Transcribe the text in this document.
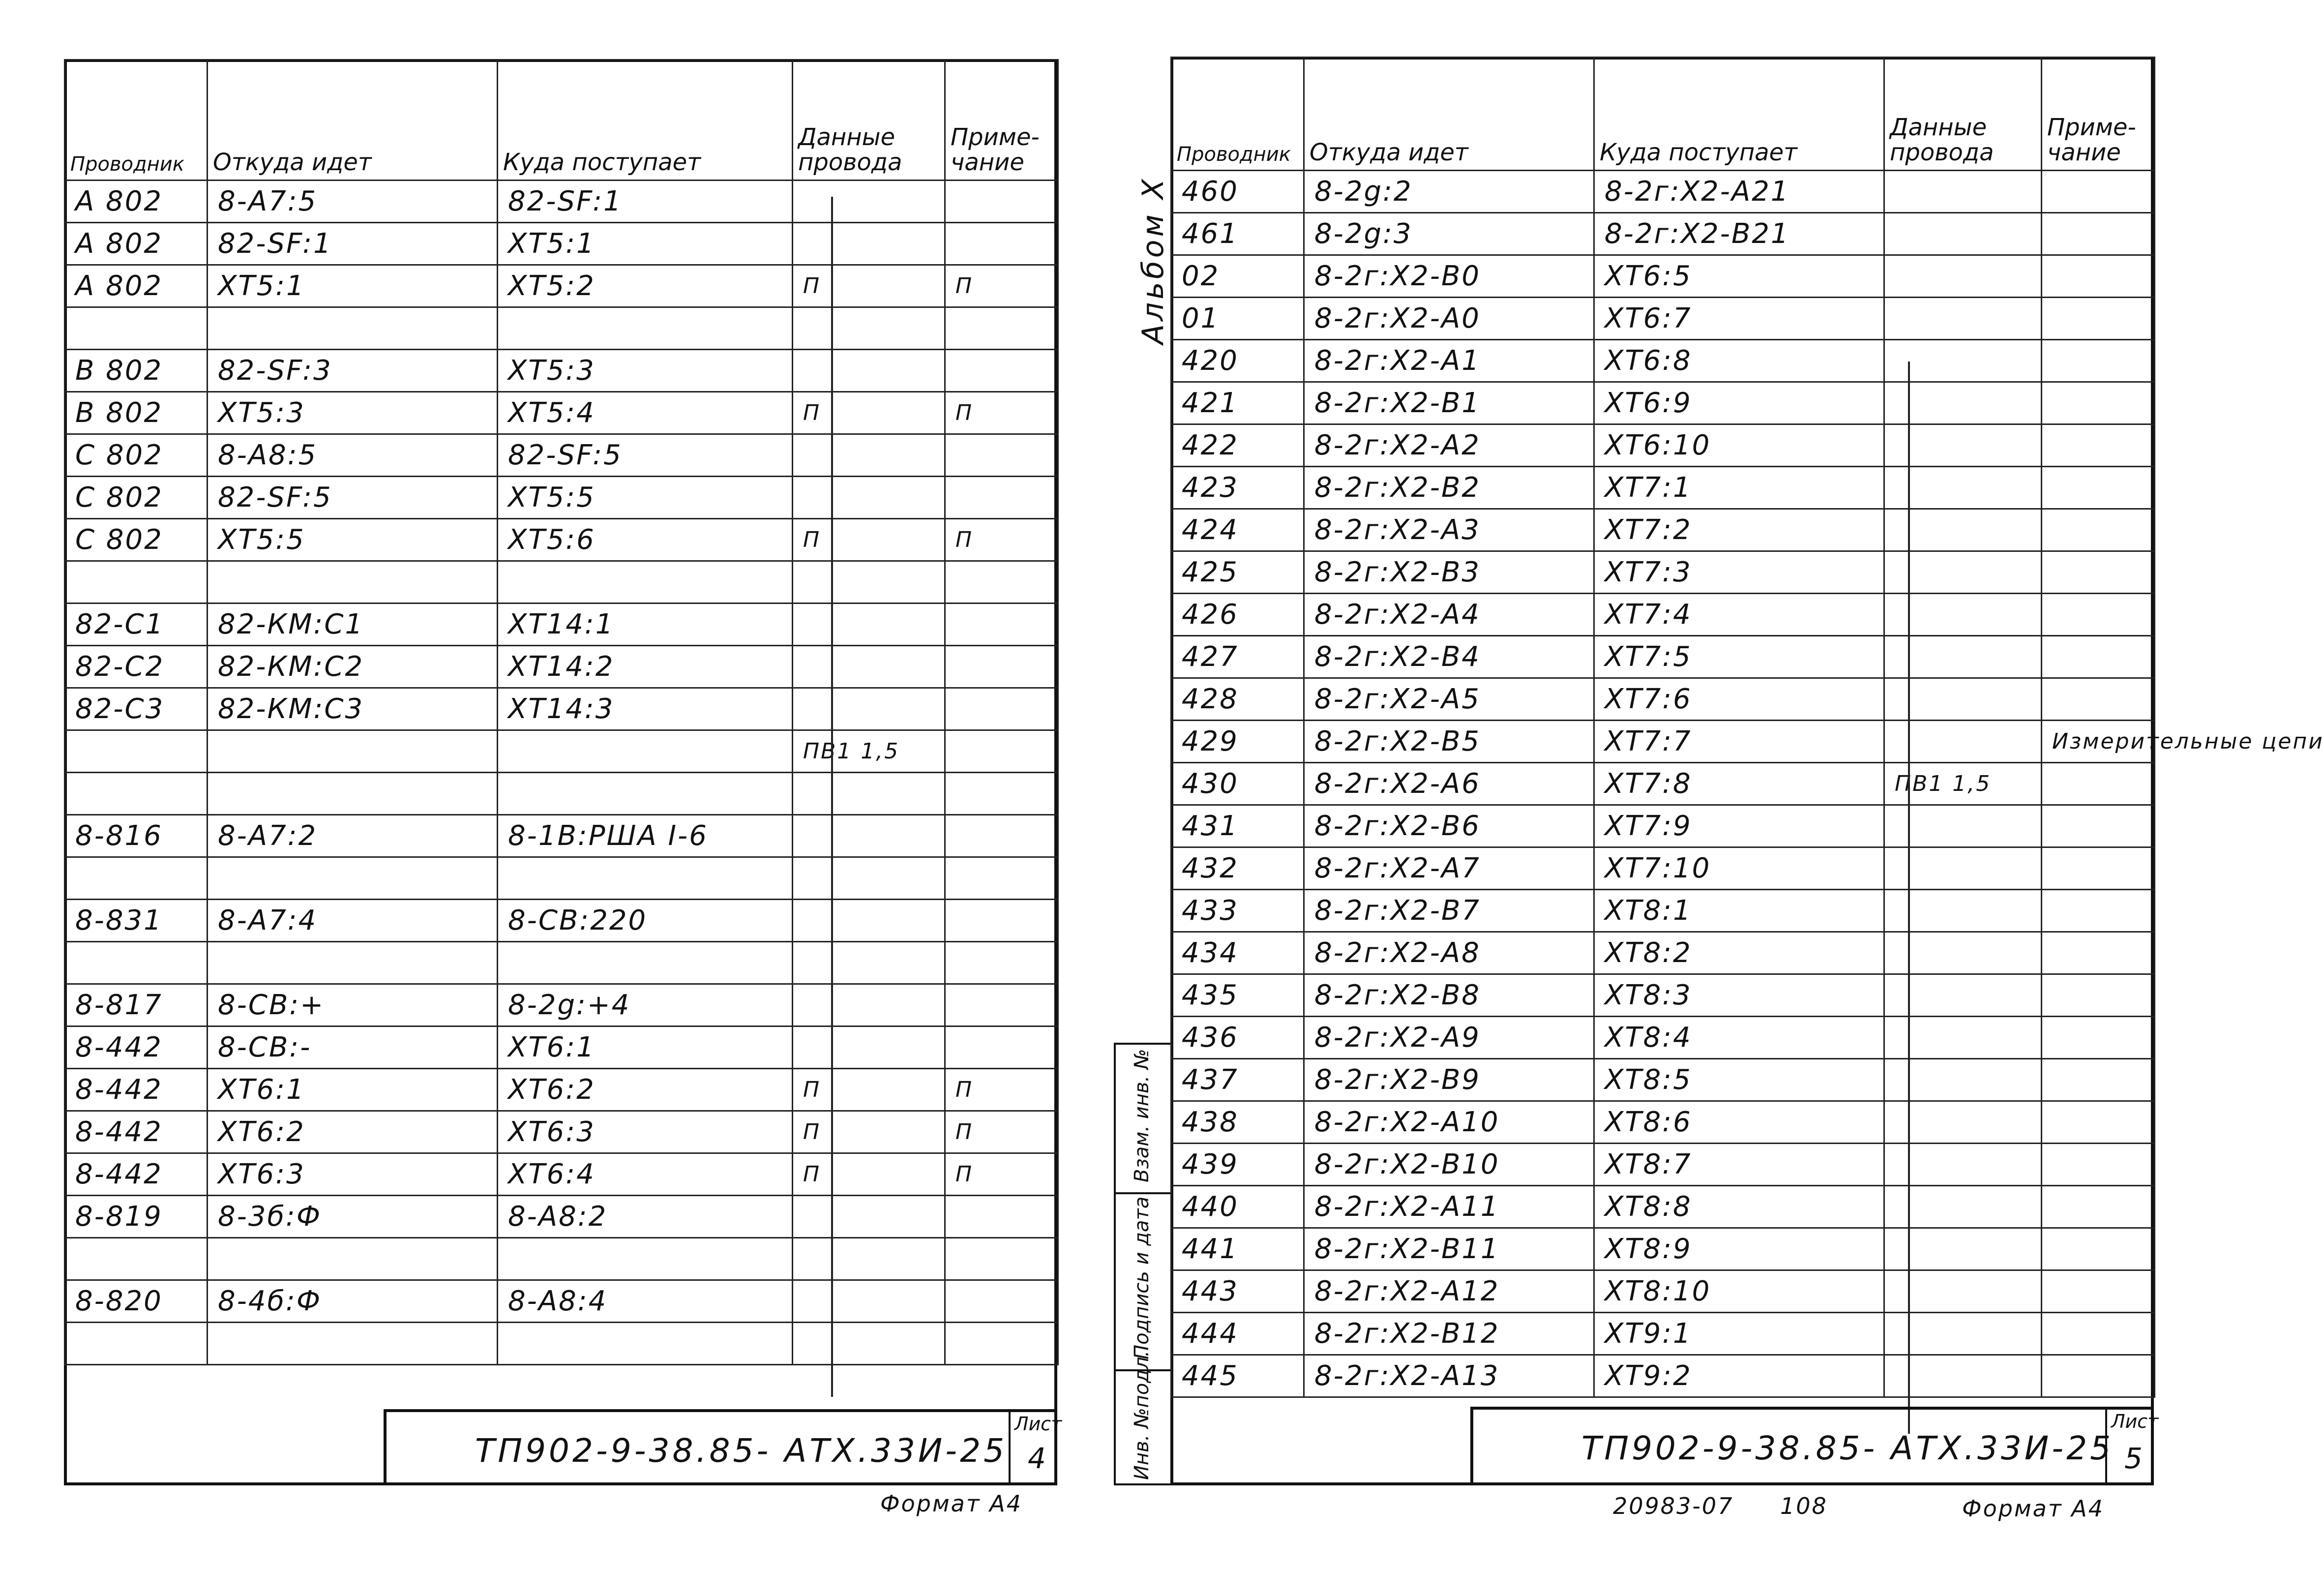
Проводник	Откуда идет	Куда поступает	Данные провода	Приме- чание
А 802	8-А7:5	82-SF:1		
А 802	82-SF:1	XT5:1		
А 802	XT5:1	XT5:2	П	П

В 802	82-SF:3	XT5:3		
В 802	XT5:3	XT5:4	П	П
С 802	8-А8:5	82-SF:5		
С 802	82-SF:5	XT5:5		
С 802	XT5:5	XT5:6	П	П

82-С1	82-КМ:С1	XT14:1		
82-С2	82-КМ:С2	XT14:2		
82-С3	82-КМ:С3	XT14:3		
			ПВ1 1,5	

8-816	8-А7:2	8-1В:РША I-6		

8-831	8-А7:4	8-СВ:220		

8-817	8-СВ:+	8-2g:+4		
8-442	8-СВ:-	XT6:1		
8-442	XT6:1	XT6:2	П	П
8-442	XT6:2	XT6:3	П	П
8-442	XT6:3	XT6:4	П	П
8-819	8-3б:Ф	8-А8:2		

8-820	8-4б:Ф	8-А8:4		

ТП902-9-38.85- АТХ.33И-25
Лист
4
Формат А4
Альбом X
Взам. инв. №
Подпись и дата
Инв. №подл.
Проводник	Откуда идет	Куда поступает	Данные провода	Приме- чание
460	8-2g:2	8-2г:Х2-А21		
461	8-2g:3	8-2г:Х2-В21		
02	8-2г:Х2-В0	XT6:5		
01	8-2г:Х2-А0	XT6:7		
420	8-2г:Х2-А1	XT6:8		
421	8-2г:Х2-В1	XT6:9		
422	8-2г:Х2-А2	XT6:10		
423	8-2г:Х2-В2	XT7:1		
424	8-2г:Х2-А3	XT7:2		
425	8-2г:Х2-В3	XT7:3		
426	8-2г:Х2-А4	XT7:4		
427	8-2г:Х2-В4	XT7:5		
428	8-2г:Х2-А5	XT7:6		
429	8-2г:Х2-В5	XT7:7		Измерительные цепи
430	8-2г:Х2-А6	XT7:8	ПВ1 1,5	
431	8-2г:Х2-В6	XT7:9		
432	8-2г:Х2-А7	XT7:10		
433	8-2г:Х2-В7	XT8:1		
434	8-2г:Х2-А8	XT8:2		
435	8-2г:Х2-В8	XT8:3		
436	8-2г:Х2-А9	XT8:4		
437	8-2г:Х2-В9	XT8:5		
438	8-2г:Х2-А10	XT8:6		
439	8-2г:Х2-В10	XT8:7		
440	8-2г:Х2-А11	XT8:8		
441	8-2г:Х2-В11	XT8:9		
443	8-2г:Х2-А12	XT8:10		
444	8-2г:Х2-В12	XT9:1		
445	8-2г:Х2-А13	XT9:2		
ТП902-9-38.85- АТХ.33И-25
Лист
5
20983-07 108	Формат А4
